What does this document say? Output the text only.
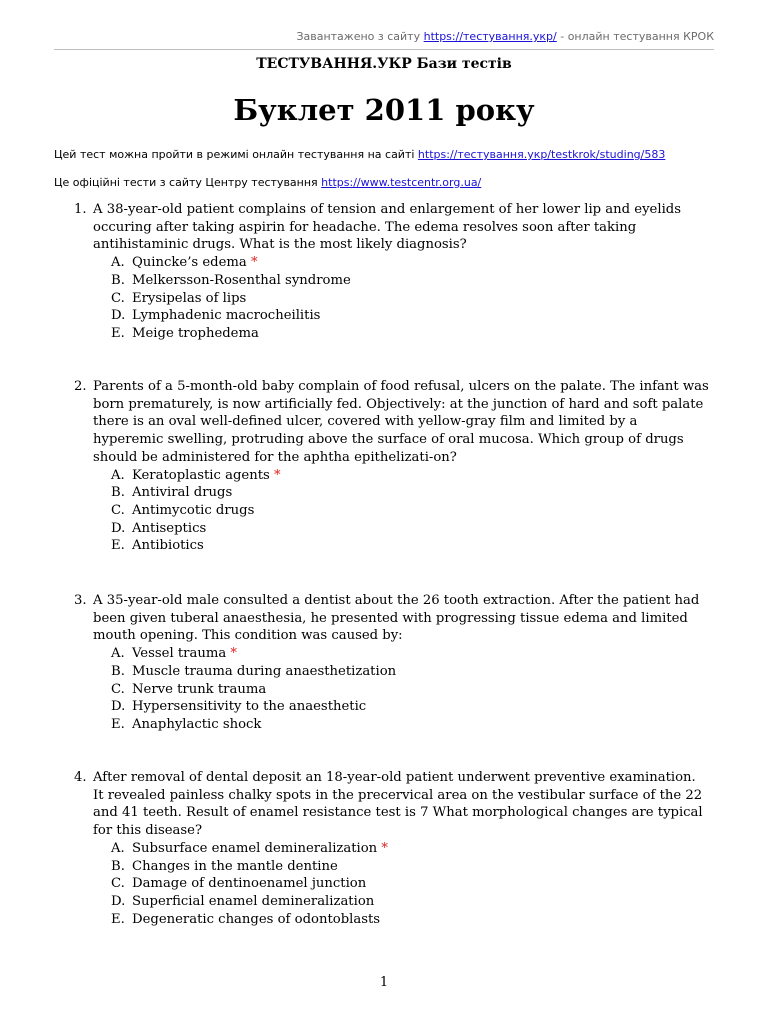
Завантажено з сайту https://тестування.укр/ - онлайн тестування КРОК
ТЕСТУВАННЯ.УКР Бази тестів
Буклет 2011 року
Цей тест можна пройти в режимі онлайн тестування на сайті https://тестування.укр/testkrok/studing/583
Це офіційні тести з сайту Центру тестування https://www.testcentr.org.ua/
1. A 38-year-old patient complains of tension and enlargement of her lower lip and eyelids occuring after taking aspirin for headache. The edema resolves soon after taking antihistaminic drugs. What is the most likely diagnosis?
A. Quincke’s edema *
B. Melkersson-Rosenthal syndrome
C. Erysipelas of lips
D. Lymphadenic macrocheilitis
E. Meige trophedema
2. Parents of a 5-month-old baby complain of food refusal, ulcers on the palate. The infant was born prematurely, is now artificially fed. Objectively: at the junction of hard and soft palate there is an oval well-defined ulcer, covered with yellow-gray film and limited by a hyperemic swelling, protruding above the surface of oral mucosa. Which group of drugs should be administered for the aphtha epithelizati-on?
A. Keratoplastic agents *
B. Antiviral drugs
C. Antimycotic drugs
D. Antiseptics
E. Antibiotics
3. A 35-year-old male consulted a dentist about the 26 tooth extraction. After the patient had been given tuberal anaesthesia, he presented with progressing tissue edema and limited mouth opening. This condition was caused by:
A. Vessel trauma *
B. Muscle trauma during anaesthetization
C. Nerve trunk trauma
D. Hypersensitivity to the anaesthetic
E. Anaphylactic shock
4. After removal of dental deposit an 18-year-old patient underwent preventive examination. It revealed painless chalky spots in the precervical area on the vestibular surface of the 22 and 41 teeth. Result of enamel resistance test is 7 What morphological changes are typical for this disease?
A. Subsurface enamel demineralization *
B. Changes in the mantle dentine
C. Damage of dentinoenamel junction
D. Superficial enamel demineralization
E. Degeneratic changes of odontoblasts
1
